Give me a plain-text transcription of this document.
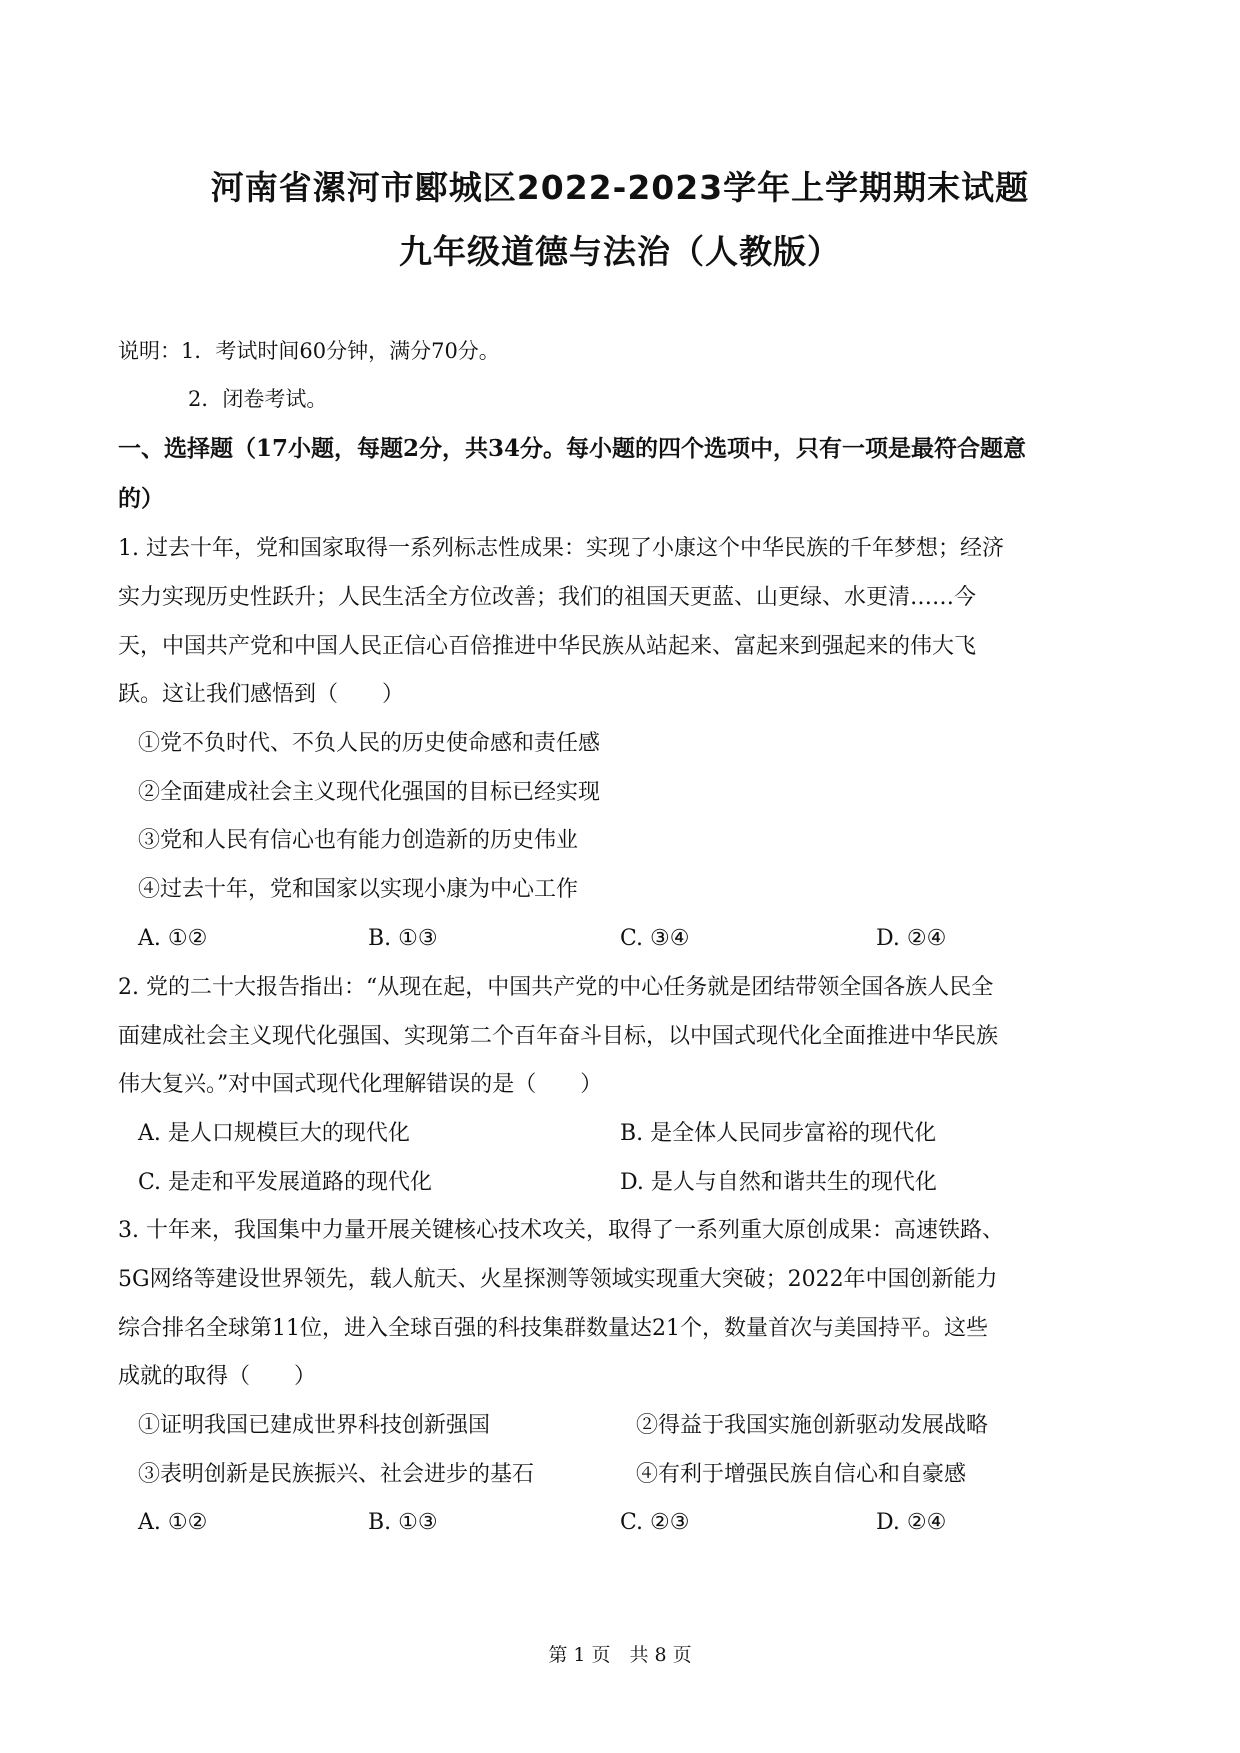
河南省漯河市郾城区2022-2023学年上学期期末试题
九年级道德与法治（人教版）
说明：1．考试时间60分钟，满分70分。
2．闭卷考试。
一、选择题（17小题，每题2分，共34分。每小题的四个选项中，只有一项是最符合题意
的）
1. 过去十年，党和国家取得一系列标志性成果：实现了小康这个中华民族的千年梦想；经济
实力实现历史性跃升；人民生活全方位改善；我们的祖国天更蓝、山更绿、水更清……今
天，中国共产党和中国人民正信心百倍推进中华民族从站起来、富起来到强起来的伟大飞
跃。这让我们感悟到（　　）
①党不负时代、不负人民的历史使命感和责任感
②全面建成社会主义现代化强国的目标已经实现
③党和人民有信心也有能力创造新的历史伟业
④过去十年，党和国家以实现小康为中心工作
A. ①②	B. ①③	C. ③④	D. ②④
2. 党的二十大报告指出：“从现在起，中国共产党的中心任务就是团结带领全国各族人民全
面建成社会主义现代化强国、实现第二个百年奋斗目标，以中国式现代化全面推进中华民族
伟大复兴。”对中国式现代化理解错误的是（　　）
A. 是人口规模巨大的现代化	B. 是全体人民同步富裕的现代化
C. 是走和平发展道路的现代化	D. 是人与自然和谐共生的现代化
3. 十年来，我国集中力量开展关键核心技术攻关，取得了一系列重大原创成果：高速铁路、
5G网络等建设世界领先，载人航天、火星探测等领域实现重大突破；2022年中国创新能力
综合排名全球第11位，进入全球百强的科技集群数量达21个，数量首次与美国持平。这些
成就的取得（　　）
①证明我国已建成世界科技创新强国	②得益于我国实施创新驱动发展战略
③表明创新是民族振兴、社会进步的基石	④有利于增强民族自信心和自豪感
A. ①②	B. ①③	C. ②③	D. ②④
第 1 页　共 8 页
